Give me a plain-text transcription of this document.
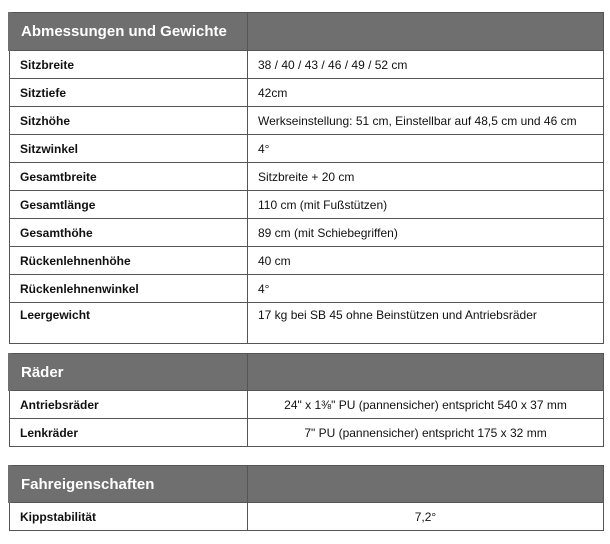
Abmessungen und Gewichte	
Sitzbreite	38 / 40 / 43 / 46 / 49 / 52 cm
Sitztiefe	42cm
Sitzhöhe	Werkseinstellung: 51 cm, Einstellbar auf 48,5 cm und 46 cm
Sitzwinkel	4°
Gesamtbreite	Sitzbreite + 20 cm
Gesamtlänge	110 cm (mit Fußstützen)
Gesamthöhe	89 cm (mit Schiebegriffen)
Rückenlehnenhöhe	40 cm
Rückenlehnenwinkel	4°
Leergewicht	17 kg bei SB 45 ohne Beinstützen und Antriebsräder
Räder	
Antriebsräder	24" x 1⅜" PU (pannensicher) entspricht 540 x 37 mm
Lenkräder	7" PU (pannensicher) entspricht 175 x 32 mm
Fahreigenschaften	
Kippstabilität	7,2°
